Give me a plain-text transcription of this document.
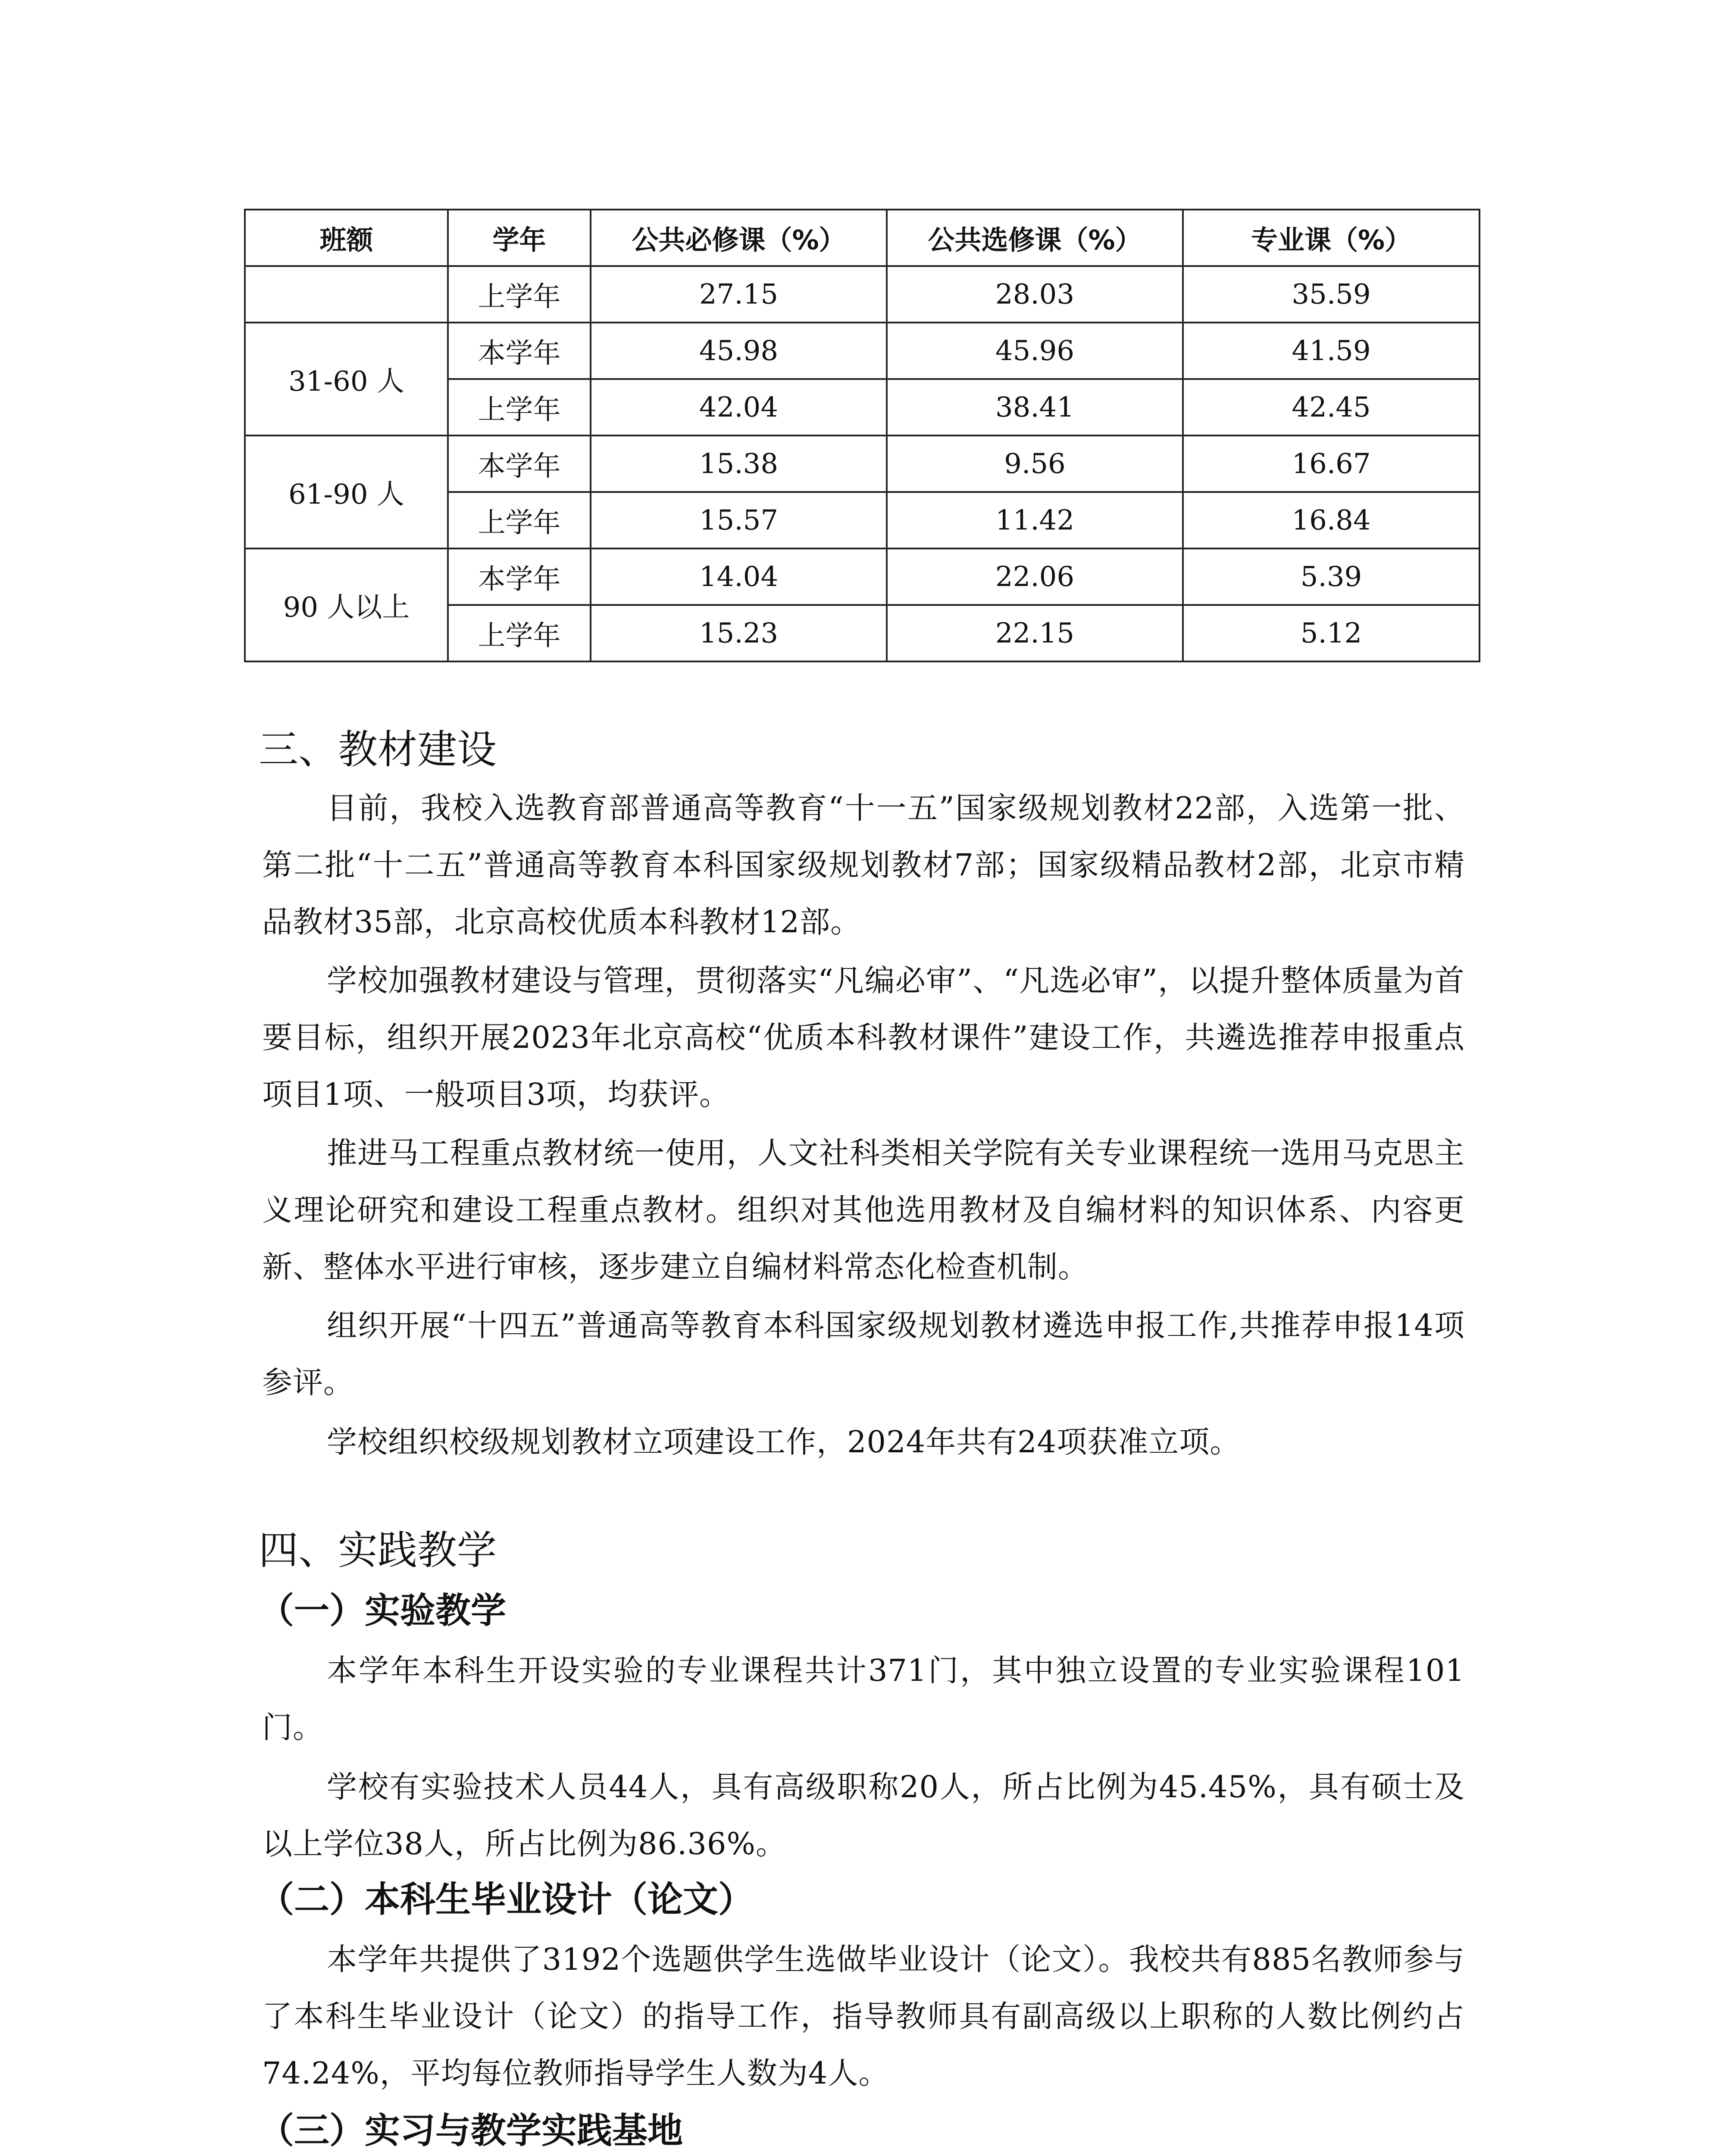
班额	学年	公共必修课（%）	公共选修课（%）	专业课（%）
	上学年	27.15	28.03	35.59
31-60 人	本学年	45.98	45.96	41.59
	上学年	42.04	38.41	42.45
61-90 人	本学年	15.38	9.56	16.67
	上学年	15.57	11.42	16.84
90 人以上	本学年	14.04	22.06	5.39
	上学年	15.23	22.15	5.12
三、教材建设

目前，我校入选教育部普通高等教育“十一五”国家级规划教材22部，入选第一批、第二批“十二五”普通高等教育本科国家级规划教材7部；国家级精品教材2部，北京市精品教材35部，北京高校优质本科教材12部。

学校加强教材建设与管理，贯彻落实“凡编必审”、“凡选必审”，以提升整体质量为首要目标，组织开展2023年北京高校“优质本科教材课件”建设工作，共遴选推荐申报重点项目1项、一般项目3项，均获评。

推进马工程重点教材统一使用，人文社科类相关学院有关专业课程统一选用马克思主义理论研究和建设工程重点教材。组织对其他选用教材及自编材料的知识体系、内容更新、整体水平进行审核，逐步建立自编材料常态化检查机制。

组织开展“十四五”普通高等教育本科国家级规划教材遴选申报工作,共推荐申报14项参评。

学校组织校级规划教材立项建设工作，2024年共有24项获准立项。

四、实践教学
（一）实验教学

本学年本科生开设实验的专业课程共计371门，其中独立设置的专业实验课程101门。

学校有实验技术人员44人，具有高级职称20人，所占比例为45.45%，具有硕士及以上学位38人，所占比例为86.36%。

（二）本科生毕业设计（论文）

本学年共提供了3192个选题供学生选做毕业设计（论文）。我校共有885名教师参与了本科生毕业设计（论文）的指导工作，指导教师具有副高级以上职称的人数比例约占74.24%，平均每位教师指导学生人数为4人。

（三）实习与教学实践基地
